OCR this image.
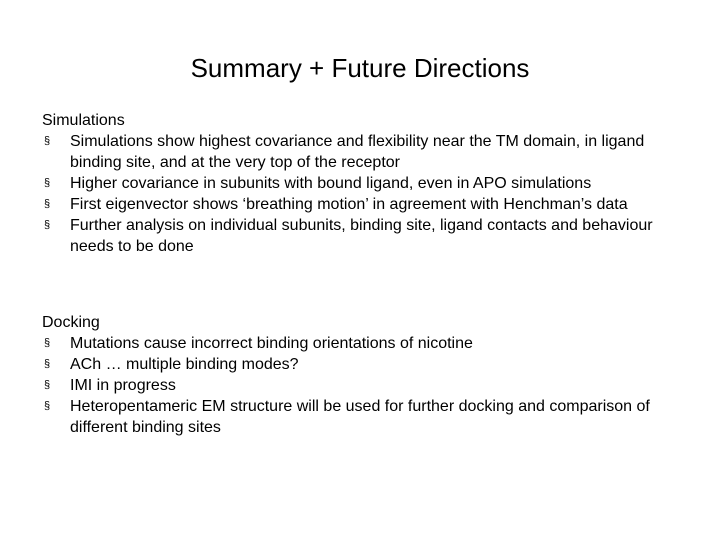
Summary + Future Directions

Simulations

§ Simulations show highest covariance and flexibility near the TM domain, in ligand binding site, and at the very top of the receptor
§ Higher covariance in subunits with bound ligand, even in APO simulations
§ First eigenvector shows ‘breathing motion’ in agreement with Henchman’s data
§ Further analysis on individual subunits, binding site, ligand contacts and behaviour needs to be done

Docking

§ Mutations cause incorrect binding orientations of nicotine
§ ACh … multiple binding modes?
§ IMI in progress
§ Heteropentameric EM structure will be used for further docking and comparison of different binding sites
